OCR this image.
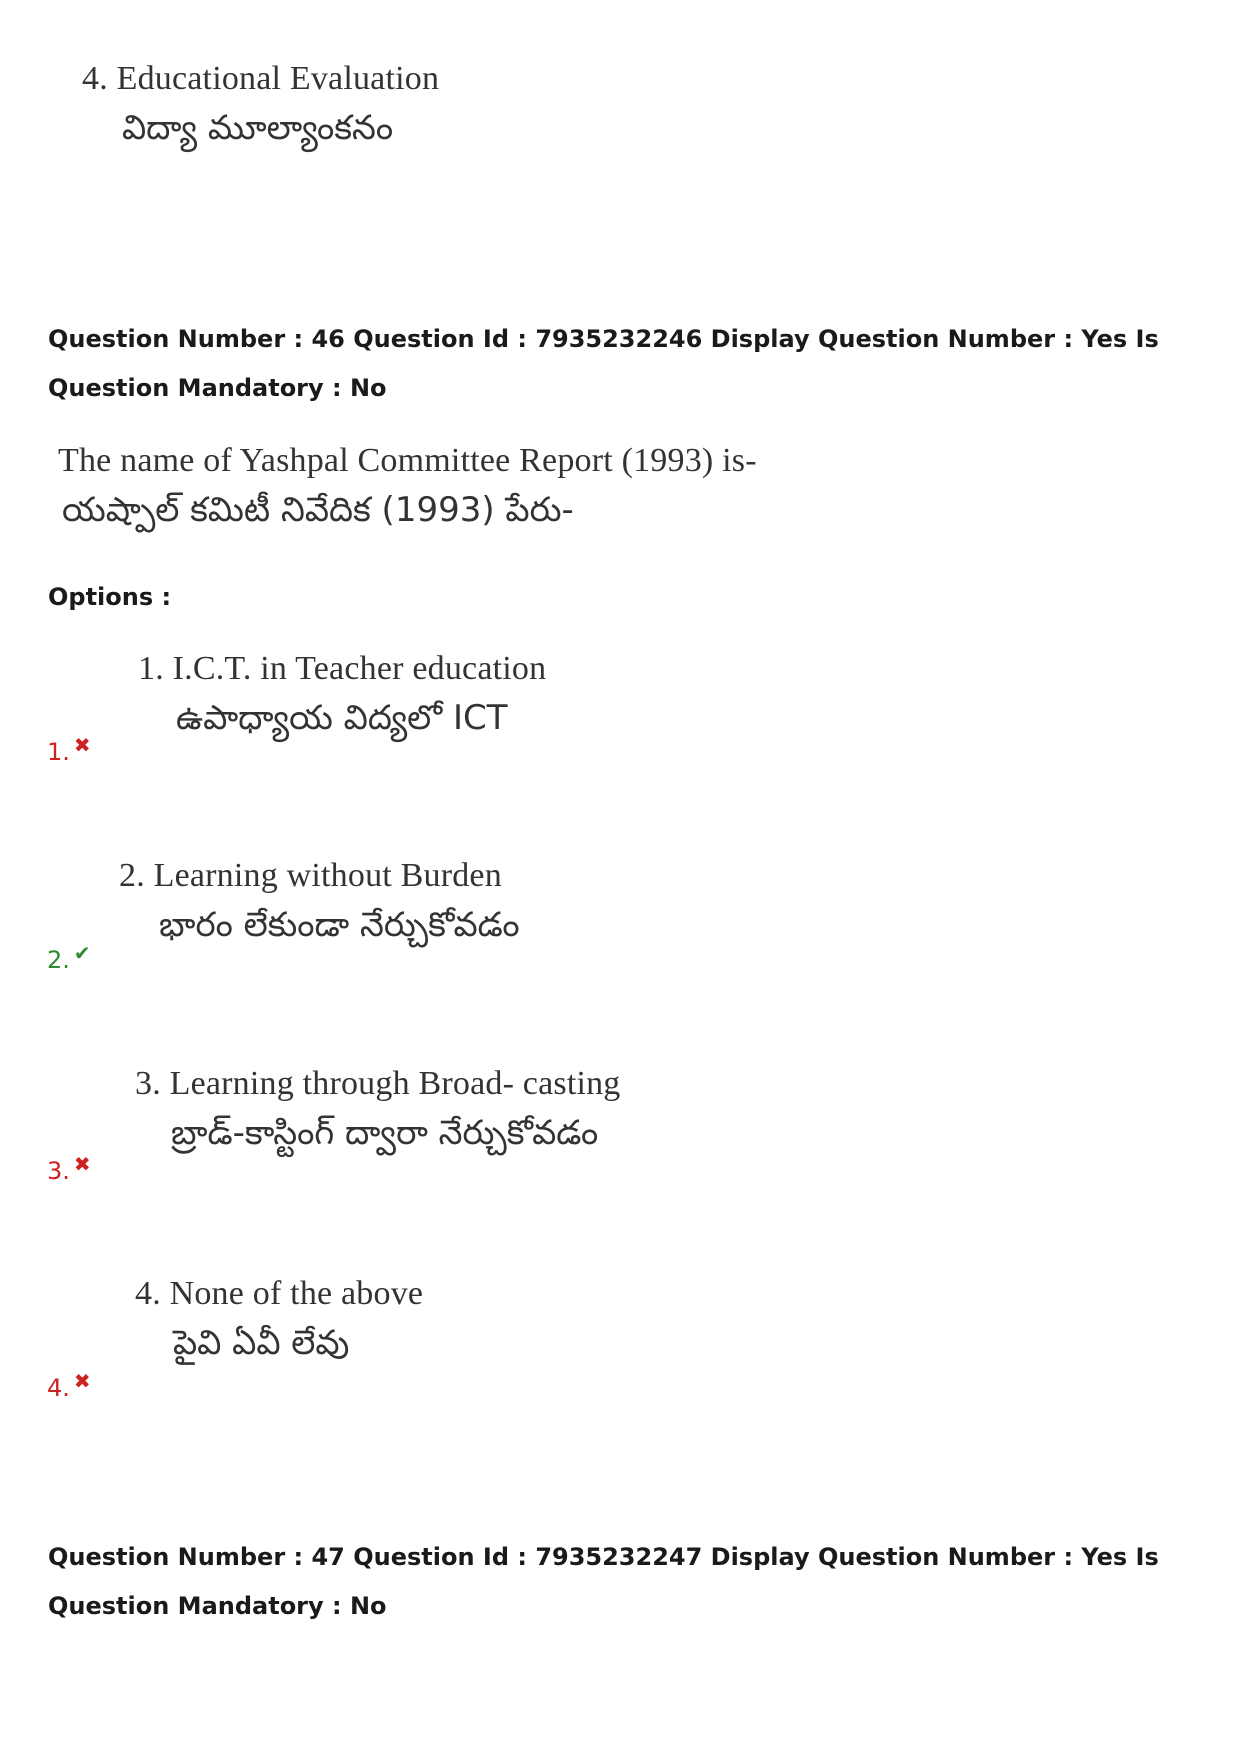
4. Educational Evaluation
విద్యా మూల్యాంకనం
Question Number : 46 Question Id : 7935232246 Display Question Number : Yes Is Question Mandatory : No
The name of Yashpal Committee Report (1993) is-
యష్పాల్ కమిటీ నివేదిక (1993) పేరు-
Options :
1. I.C.T. in Teacher education
ఉపాధ్యాయ విద్యలో ICT
1. ✖
2. Learning without Burden
భారం లేకుండా నేర్చుకోవడం
2. ✔
3. Learning through Broad- casting
బ్రాడ్-కాస్టింగ్ ద్వారా నేర్చుకోవడం
3. ✖
4. None of the above
పైవి ఏవీ లేవు
4. ✖
Question Number : 47 Question Id : 7935232247 Display Question Number : Yes Is Question Mandatory : No
